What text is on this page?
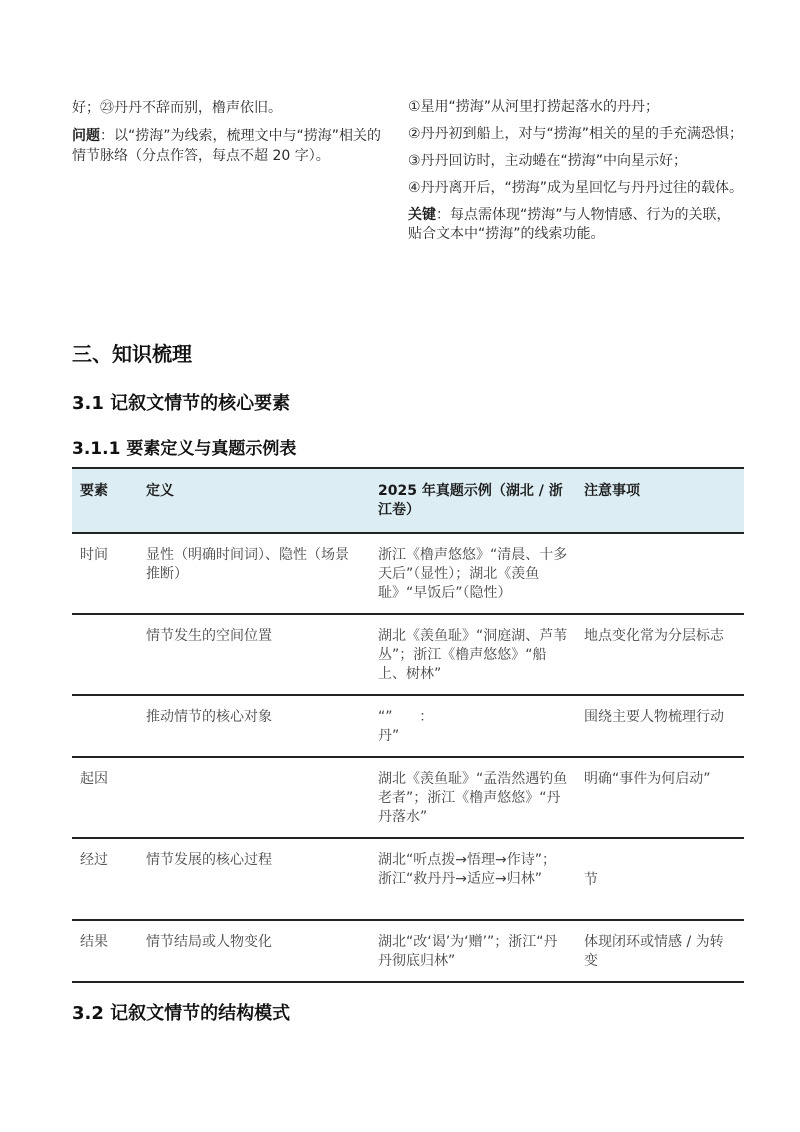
好；㉓丹丹不辞而别，橹声依旧。
问题：以“捞海”为线索，梳理文中与“捞海”相关的情节脉络（分点作答，每点不超 20 字）。

①星用“捞海”从河里打捞起落水的丹丹；

②丹丹初到船上，对与“捞海”相关的星的手充满恐惧；

③丹丹回访时，主动蜷在“捞海”中向星示好；

④丹丹离开后，“捞海”成为星回忆与丹丹过往的载体。

关键：每点需体现“捞海”与人物情感、行为的关联，贴合文本中“捞海”的线索功能。

三、知识梳理
3.1 记叙文情节的核心要素
3.1.1 要素定义与真题示例表
要素	定义	2025 年真题示例（湖北 / 浙江卷）	注意事项
时间	显性（明确时间词）、隐性（场景推断）	浙江《橹声悠悠》“清晨、十多天后”（显性）；湖北《羡鱼耻》“早饭后”（隐性）	
	情节发生的空间位置	湖北《羡鱼耻》“洞庭湖、芦苇丛”；浙江《橹声悠悠》“船上、树林”	地点变化常为分层标志
	推动情节的核心对象	“”      ：
丹”	围绕主要人物梳理行动
起因		湖北《羡鱼耻》“孟浩然遇钓鱼老者”；浙江《橹声悠悠》“丹丹落水”	明确“事件为何启动”
经过	情节发展的核心过程	湖北“听点拨→悟理→作诗”；浙江“救丹丹→适应→归林”	节
结果	情节结局或人物变化	湖北“改‘谒’为‘赠’”；浙江“丹丹彻底归林”	体现闭环或情感 / 为转变
3.2 记叙文情节的结构模式
